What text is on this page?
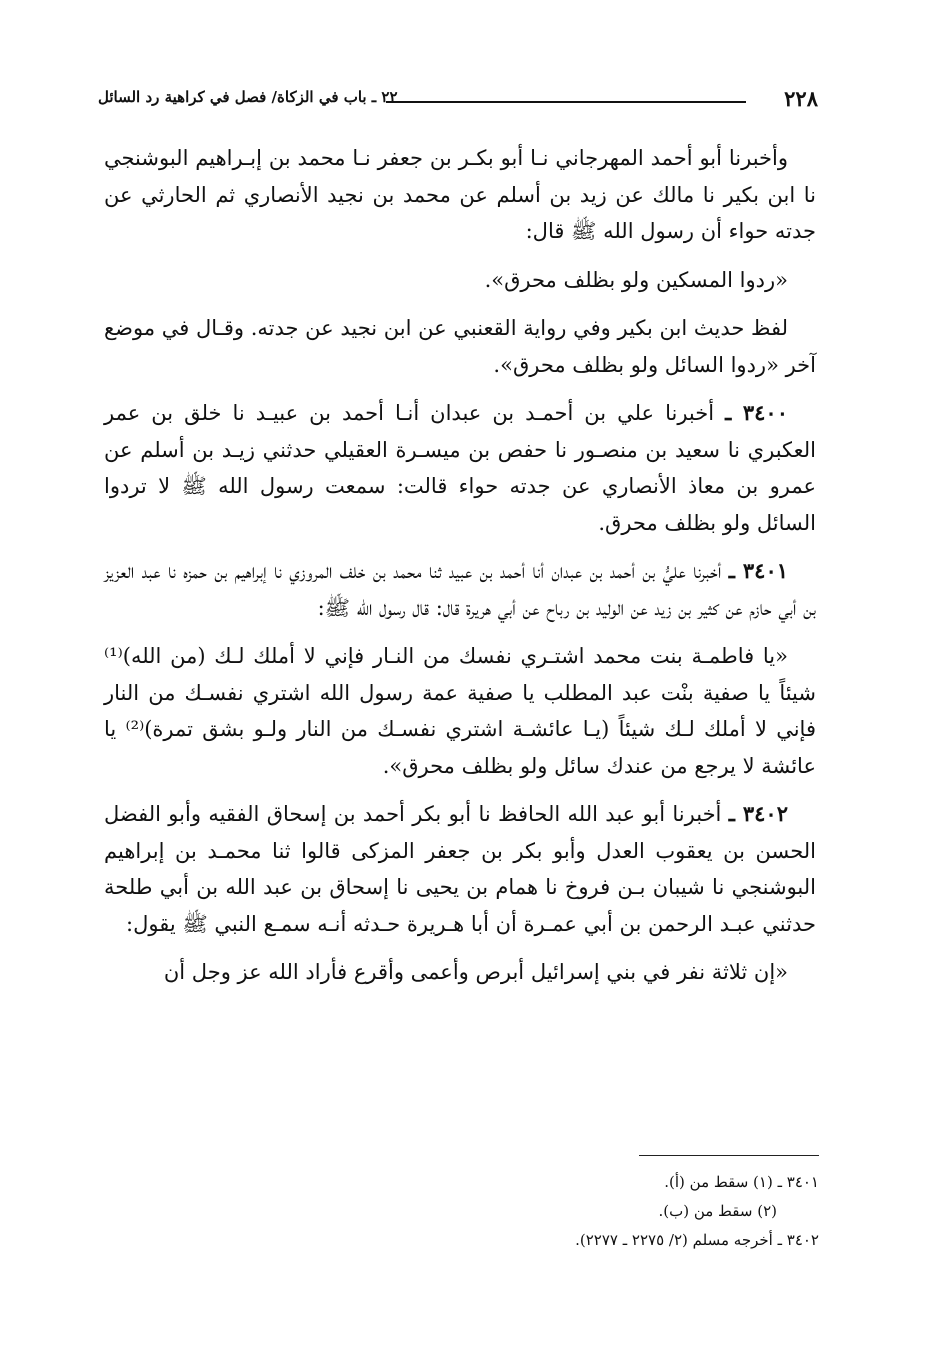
٢٢٨
٢٢ ـ باب في الزكاة/ فصل في كراهية رد السائل

وأخبرنا أبو أحمد المهرجاني نـا أبو بكـر بن جعفر نـا محمد بن إبـراهيم البوشنجي نا ابن بكير نا مالك عن زيد بن أسلم عن محمد بن نجيد الأنصاري ثم الحارثي عن جدته حواء أن رسول الله ﷺ قال:

«ردوا المسكين ولو بظلف محرق».

لفظ حديث ابن بكير وفي رواية القعنبي عن ابن نجيد عن جدته. وقـال في موضع آخر «ردوا السائل ولو بظلف محرق».

٣٤٠٠ ـ أخبرنا علي بن أحمـد بن عبدان أنـا أحمد بن عبيـد نا خلق بن عمر العكبري نا سعيد بن منصـور نا حفص بن ميسـرة العقيلي حدثني زيـد بن أسلم عن عمرو بن معاذ الأنصاري عن جدته حواء قالت: سمعت رسول الله ﷺ لا تردوا السائل ولو بظلف محرق.

٣٤٠١ ـ أخبرنا عليُّ بن أحمد بن عبدان أنا أحمد بن عبيد ثنا محمد بن خلف المروزي نا إبراهيم بن حمزه نا عبد العزيز بن أبي حازم عن كثير بن زيد عن الوليد بن رباح عن أبي هريرة قال: قال رسول الله ﷺ:

«يا فاطمـة بنت محمد اشتـري نفسك من النـار فإني لا أملك لـك (من الله)⁽¹⁾ شيئاً يا صفية بنْت عبد المطلب يا صفية عمة رسول الله اشتري نفسـك من النار فإني لا أملك لـك شيئاً (يـا عائشـة اشتري نفسـك من النار ولـو بشق تمرة)⁽²⁾ يا عائشة لا يرجع من عندك سائل ولو بظلف محرق».

٣٤٠٢ ـ أخبرنا أبو عبد الله الحافظ نا أبو بكر أحمد بن إسحاق الفقيه وأبو الفضل الحسن بن يعقوب العدل وأبو بكر بن جعفر المزكى قالوا ثنا محمـد بن إبراهيم البوشنجي نا شيبان بـن فروخ نا همام بن يحيى نا إسحاق بن عبد الله بن أبي طلحة حدثني عبـد الرحمن بن أبي عمـرة أن أبا هـريرة حـدثه أنـه سمـع النبي ﷺ يقول:

«إن ثلاثة نفر في بني إسرائيل أبرص وأعمى وأقرع فأراد الله عز وجل أن

٣٤٠١ ـ (١) سقط من (أ).

(٢) سقط من (ب).

٣٤٠٢ ـ أخرجه مسلم (٢/ ٢٢٧٥ ـ ٢٢٧٧).
